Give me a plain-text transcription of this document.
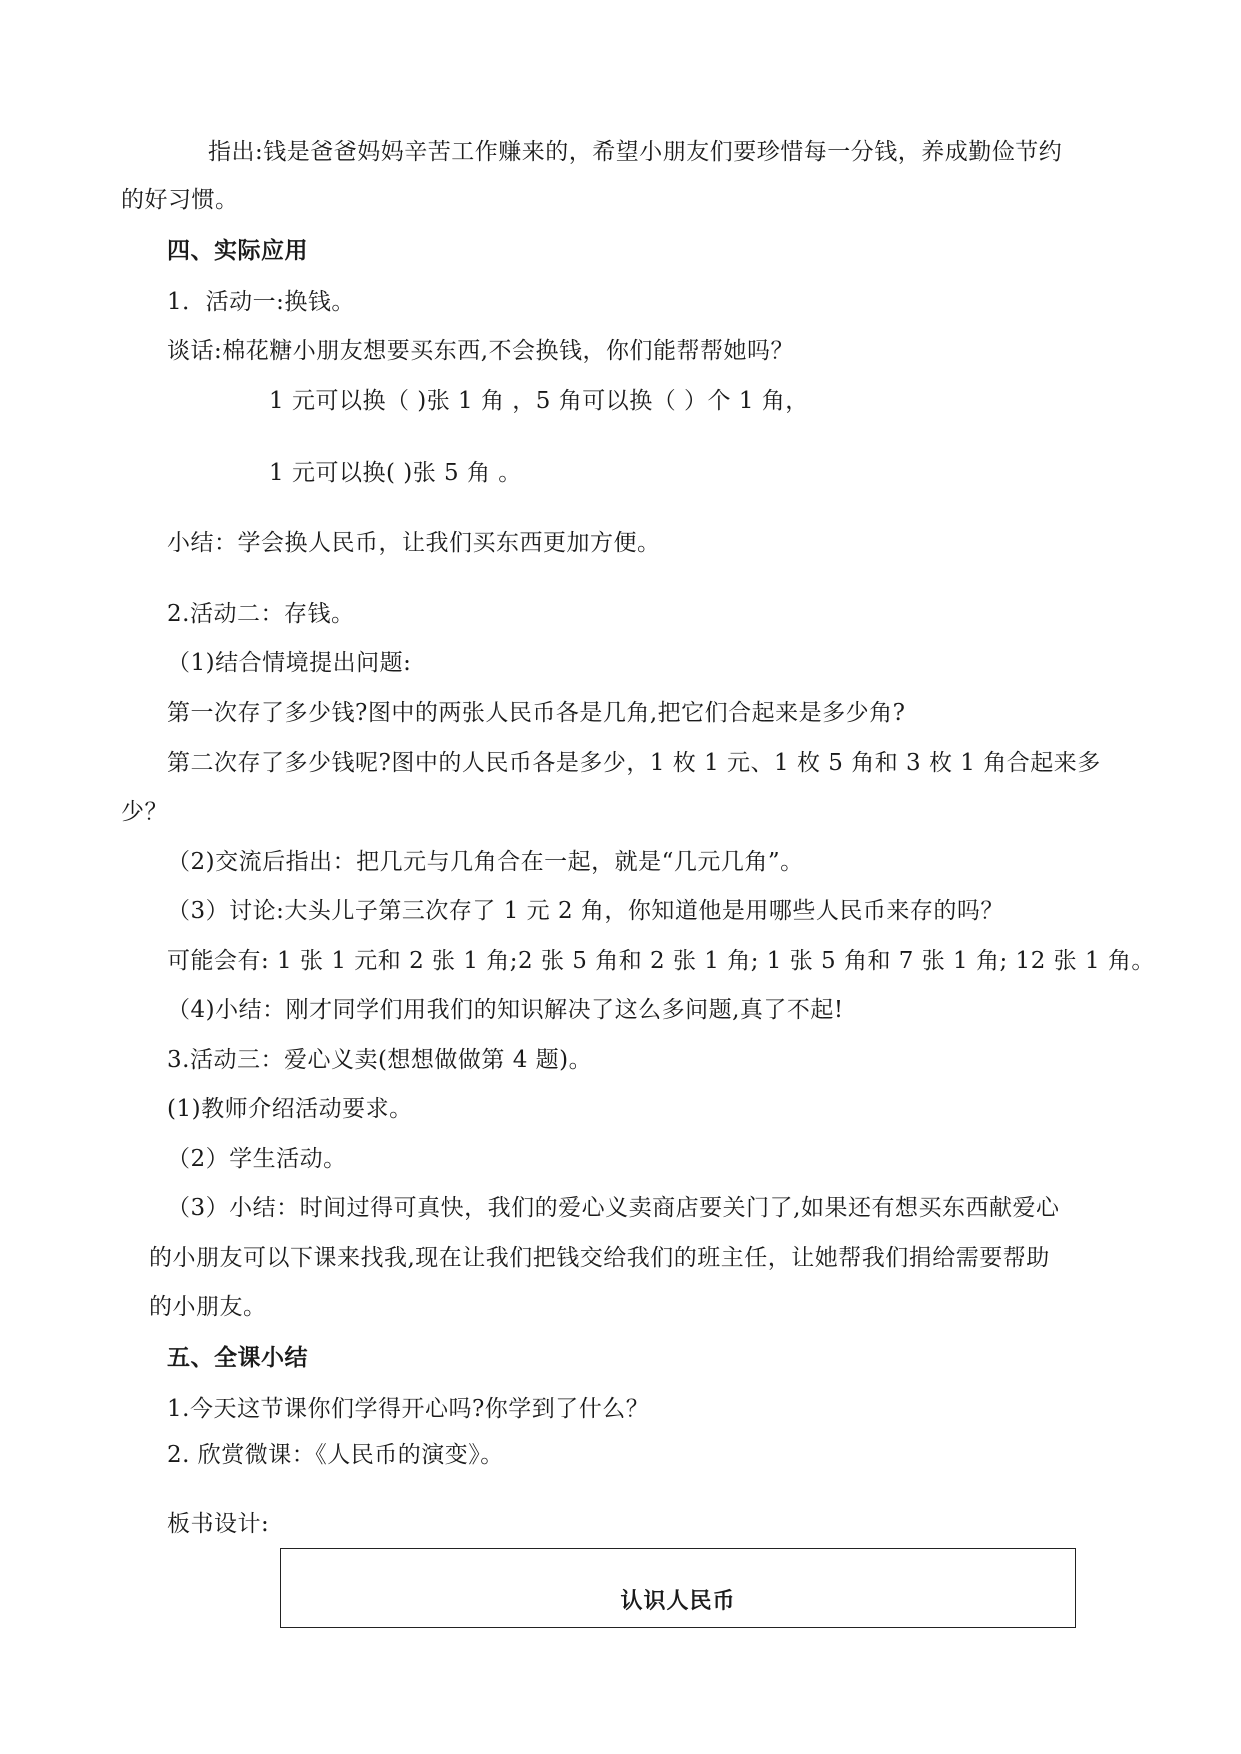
指出:钱是爸爸妈妈辛苦工作赚来的，希望小朋友们要珍惜每一分钱，养成勤俭节约
的好习惯。
四、实际应用
1．活动一:换钱。
谈话:棉花糖小朋友想要买东西,不会换钱，你们能帮帮她吗？
1 元可以换（ )张 1 角 ，5 角可以换（ ）个 1 角，
1 元可以换( )张 5 角 。
小结：学会换人民币，让我们买东西更加方便。
2.活动二：存钱。
（1)结合情境提出问题:
第一次存了多少钱?图中的两张人民币各是几角,把它们合起来是多少角?
第二次存了多少钱呢?图中的人民币各是多少，1 枚 1 元、1 枚 5 角和 3 枚 1 角合起来多
少？
（2)交流后指出：把几元与几角合在一起，就是“几元几角”。
（3）讨论:大头儿子第三次存了 1 元 2 角，你知道他是用哪些人民币来存的吗？
可能会有: 1 张 1 元和 2 张 1 角;2 张 5 角和 2 张 1 角; 1 张 5 角和 7 张 1 角; 12 张 1 角。
（4)小结：刚才同学们用我们的知识解决了这么多问题,真了不起!
3.活动三：爱心义卖(想想做做第 4 题)。
(1)教师介绍活动要求。
（2）学生活动。
（3）小结：时间过得可真快，我们的爱心义卖商店要关门了,如果还有想买东西献爱心
的小朋友可以下课来找我,现在让我们把钱交给我们的班主任，让她帮我们捐给需要帮助
的小朋友。
五、全课小结
1.今天这节课你们学得开心吗?你学到了什么？
2. 欣赏微课：《人民币的演变》。
板书设计:
认识人民币
